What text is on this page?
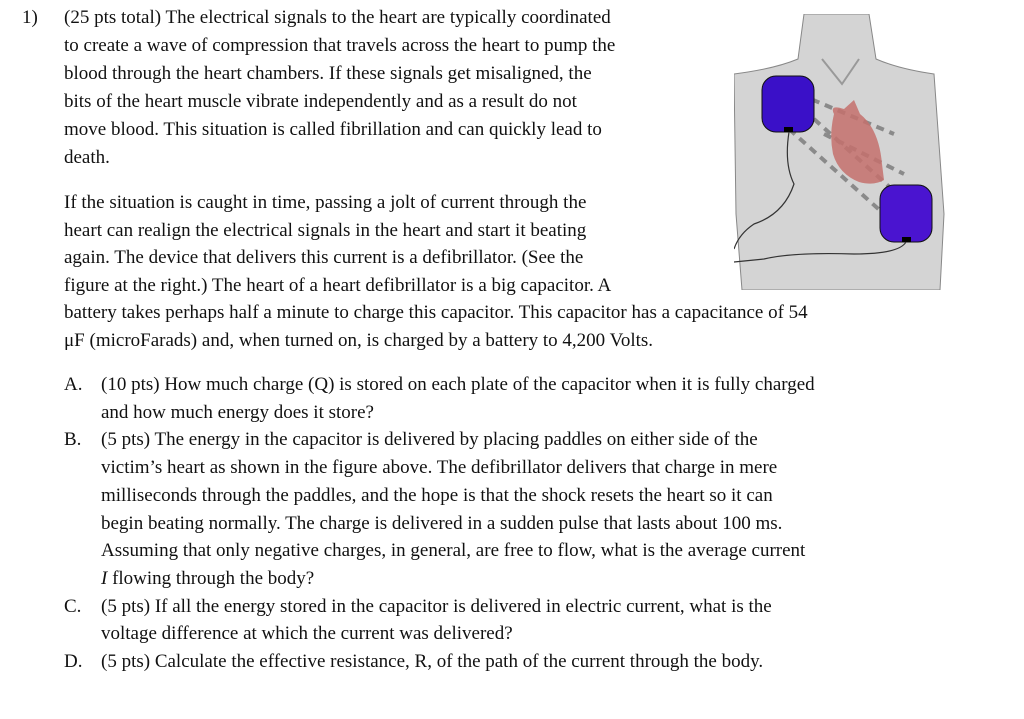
1) (25 pts total) The electrical signals to the heart are typically coordinated
to create a wave of compression that travels across the heart to pump the
blood through the heart chambers. If these signals get misaligned, the
bits of the heart muscle vibrate independently and as a result do not
move blood. This situation is called fibrillation and can quickly lead to
death.
If the situation is caught in time, passing a jolt of current through the
heart can realign the electrical signals in the heart and start it beating
again. The device that delivers this current is a defibrillator. (See the
figure at the right.) The heart of a heart defibrillator is a big capacitor. A
battery takes perhaps half a minute to charge this capacitor. This capacitor has a capacitance of 54
μF (microFarads) and, when turned on, is charged by a battery to 4,200 Volts.
A. (10 pts) How much charge (Q) is stored on each plate of the capacitor when it is fully charged
and how much energy does it store?
B. (5 pts) The energy in the capacitor is delivered by placing paddles on either side of the
victim’s heart as shown in the figure above. The defibrillator delivers that charge in mere
milliseconds through the paddles, and the hope is that the shock resets the heart so it can
begin beating normally. The charge is delivered in a sudden pulse that lasts about 100 ms.
Assuming that only negative charges, in general, are free to flow, what is the average current
I flowing through the body?
C. (5 pts) If all the energy stored in the capacitor is delivered in electric current, what is the
voltage difference at which the current was delivered?
D. (5 pts) Calculate the effective resistance, R, of the path of the current through the body.
